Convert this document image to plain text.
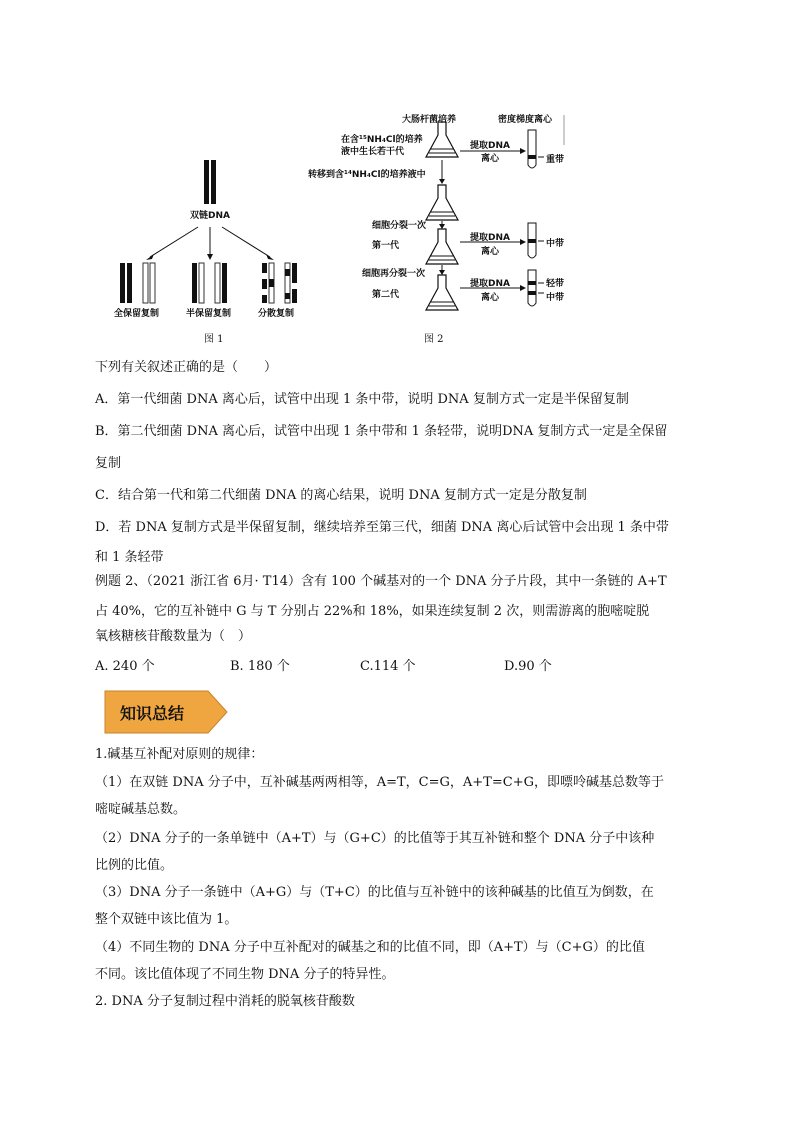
双链DNA
全保留复制	半保留复制	分散复制
图 1
大肠杆菌培养	密度梯度离心
在含¹⁵NH₄Cl的培养
液中生长若干代
提取DNA
离心	重带
转移到含¹⁴NH₄Cl的培养液中
细胞分裂一次
第一代
提取DNA
离心
中带
细胞再分裂一次
第二代
提取DNA
离心
轻带
中带
图 2
下列有关叙述正确的是（　　）
A．第一代细菌 DNA 离心后，试管中出现 1 条中带，说明 DNA 复制方式一定是半保留复制
B．第二代细菌 DNA 离心后，试管中出现 1 条中带和 1 条轻带，说明DNA 复制方式一定是全保留
复制
C．结合第一代和第二代细菌 DNA 的离心结果，说明 DNA 复制方式一定是分散复制
D．若 DNA 复制方式是半保留复制，继续培养至第三代，细菌 DNA 离心后试管中会出现 1 条中带
和 1 条轻带
例题 2、（2021 浙江省 6月· T14）含有 100 个碱基对的一个 DNA 分子片段，其中一条链的 A+T
占 40%，它的互补链中 G 与 T 分别占 22%和 18%，如果连续复制 2 次，则需游离的胞嘧啶脱
氧核糖核苷酸数量为（　）
A. 240 个	B. 180 个	C.114 个	D.90 个
知识总结
1.碱基互补配对原则的规律：
（1）在双链 DNA 分子中，互补碱基两两相等，A=T，C=G，A+T=C+G，即嘌呤碱基总数等于
嘧啶碱基总数。
（2）DNA 分子的一条单链中（A+T）与（G+C）的比值等于其互补链和整个 DNA 分子中该种
比例的比值。
（3）DNA 分子一条链中（A+G）与（T+C）的比值与互补链中的该种碱基的比值互为倒数，在
整个双链中该比值为 1。
（4）不同生物的 DNA 分子中互补配对的碱基之和的比值不同，即（A+T）与（C+G）的比值
不同。该比值体现了不同生物 DNA 分子的特异性。
2. DNA 分子复制过程中消耗的脱氧核苷酸数
